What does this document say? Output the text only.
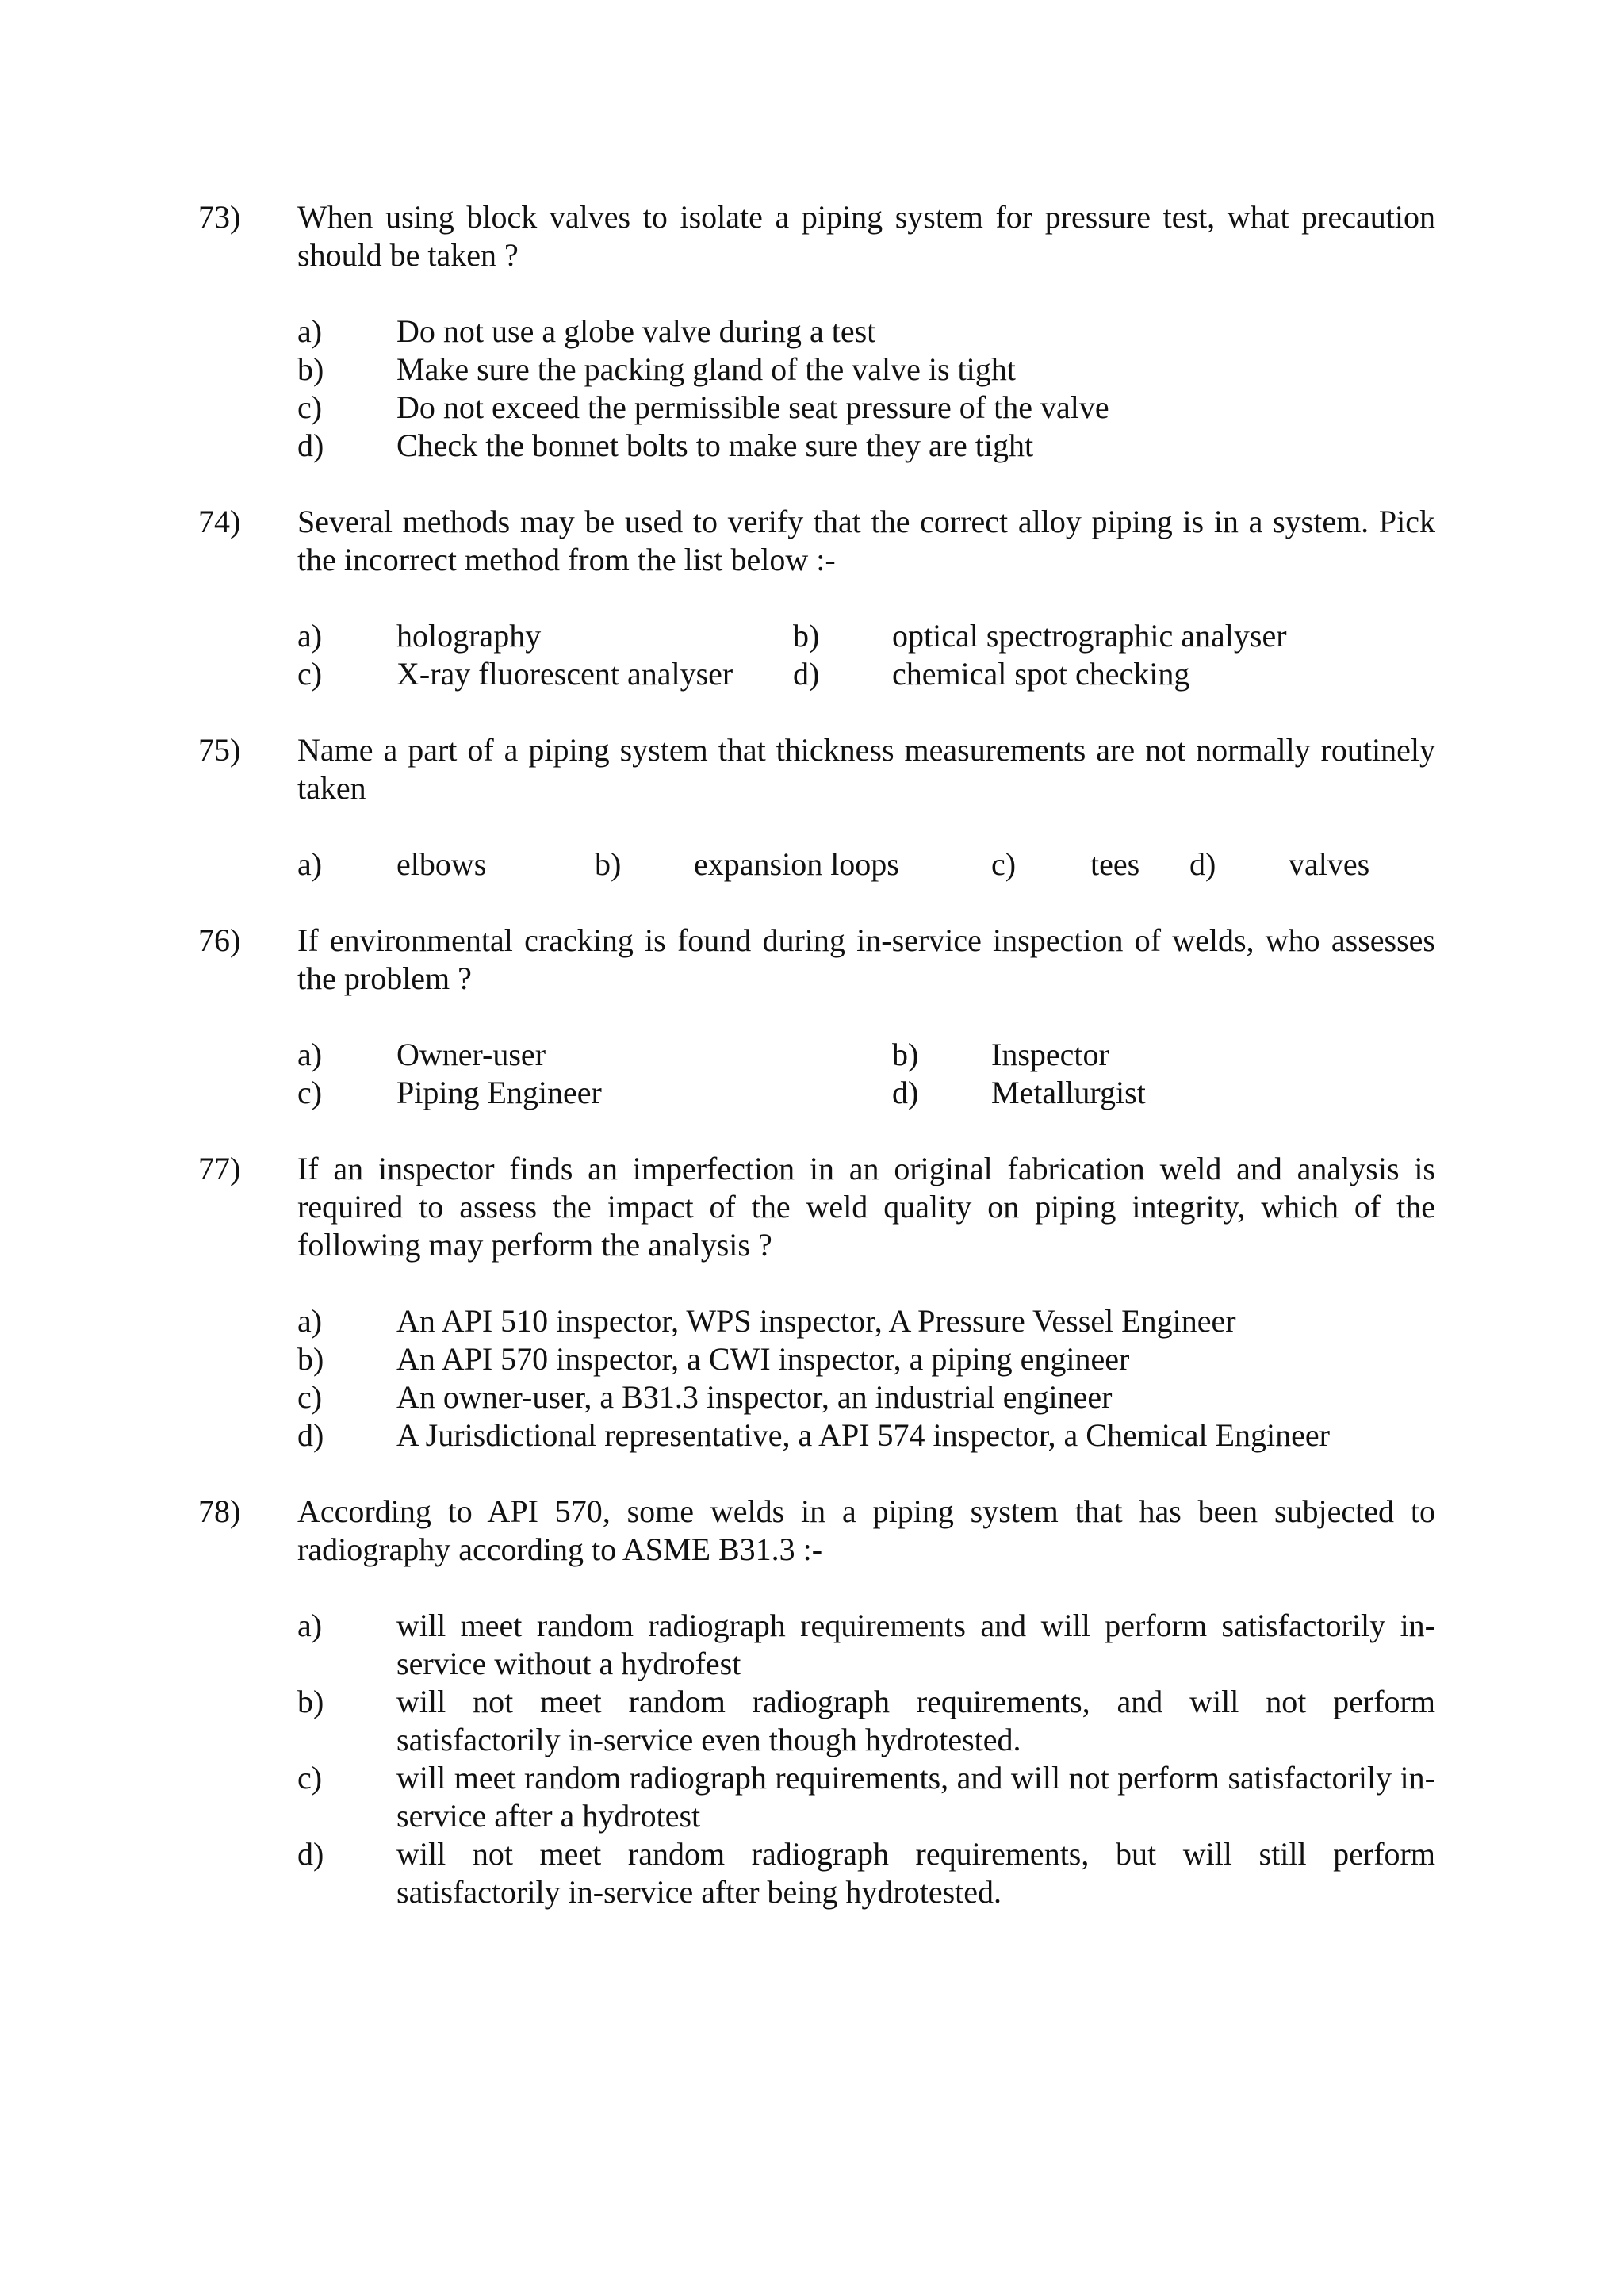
73) When using block valves to isolate a piping system for pressure test, what precaution should be taken ?
a) Do not use a globe valve during a test
b) Make sure the packing gland of the valve is tight
c) Do not exceed the permissible seat pressure of the valve
d) Check the bonnet bolts to make sure they are tight
74) Several methods may be used to verify that the correct alloy piping is in a system. Pick the incorrect method from the list below :-
a) holography	b) optical spectrographic analyser
c) X-ray fluorescent analyser d) chemical spot checking
75) Name a part of a piping system that thickness measurements are not normally routinely taken
a) elbows	b) expansion loops	c) tees d) valves
76) If environmental cracking is found during in-service inspection of welds, who assesses the problem ?
a) Owner-user	b) Inspector
c) Piping Engineer	d) Metallurgist
77) If an inspector finds an imperfection in an original fabrication weld and analysis is required to assess the impact of the weld quality on piping integrity, which of the following may perform the analysis ?
a) An API 510 inspector, WPS inspector, A Pressure Vessel Engineer
b) An API 570 inspector, a CWI inspector, a piping engineer
c) An owner-user, a B31.3 inspector, an industrial engineer
d) A Jurisdictional representative, a API 574 inspector, a Chemical Engineer
78) According to API 570, some welds in a piping system that has been subjected to radiography according to ASME B31.3 :-
a) will meet random radiograph requirements and will perform satisfactorily in-service without a hydrofest
b) will not meet random radiograph requirements, and will not perform satisfactorily in-service even though hydrotested.
c) will meet random radiograph requirements, and will not perform satisfactorily in-service after a hydrotest
d) will not meet random radiograph requirements, but will still perform satisfactorily in-service after being hydrotested.
